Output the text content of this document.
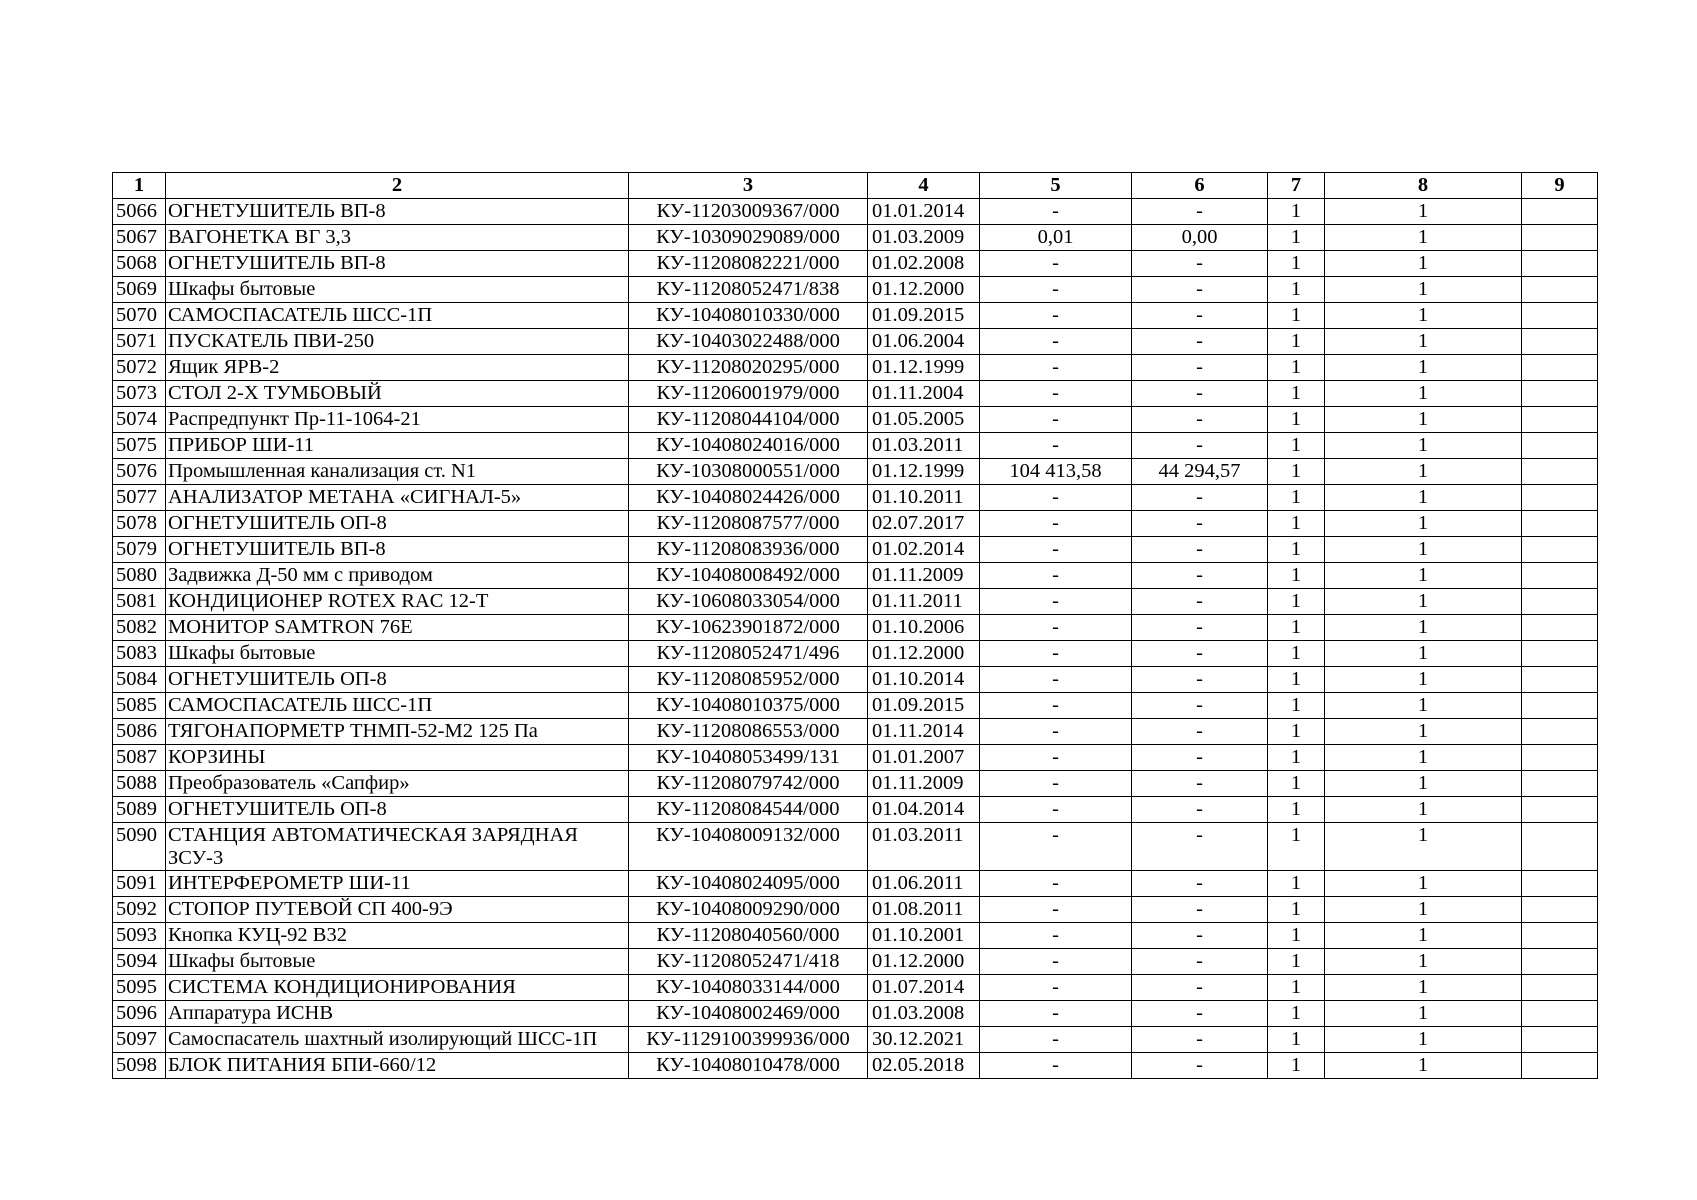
1	2	3	4	5	6	7	8	9
5066	ОГНЕТУШИТЕЛЬ ВП-8	КУ-11203009367/000	01.01.2014	-	-	1	1	
5067	ВАГОНЕТКА ВГ 3,3	КУ-10309029089/000	01.03.2009	0,01	0,00	1	1	
5068	ОГНЕТУШИТЕЛЬ ВП-8	КУ-11208082221/000	01.02.2008	-	-	1	1	
5069	Шкафы бытовые	КУ-11208052471/838	01.12.2000	-	-	1	1	
5070	САМОСПАСАТЕЛЬ ШСС-1П	КУ-10408010330/000	01.09.2015	-	-	1	1	
5071	ПУСКАТЕЛЬ ПВИ-250	КУ-10403022488/000	01.06.2004	-	-	1	1	
5072	Ящик ЯРВ-2	КУ-11208020295/000	01.12.1999	-	-	1	1	
5073	СТОЛ 2-Х ТУМБОВЫЙ	КУ-11206001979/000	01.11.2004	-	-	1	1	
5074	Распредпункт Пр-11-1064-21	КУ-11208044104/000	01.05.2005	-	-	1	1	
5075	ПРИБОР ШИ-11	КУ-10408024016/000	01.03.2011	-	-	1	1	
5076	Промышленная канализация ст. N1	КУ-10308000551/000	01.12.1999	104 413,58	44 294,57	1	1	
5077	АНАЛИЗАТОР МЕТАНА «СИГНАЛ-5»	КУ-10408024426/000	01.10.2011	-	-	1	1	
5078	ОГНЕТУШИТЕЛЬ ОП-8	КУ-11208087577/000	02.07.2017	-	-	1	1	
5079	ОГНЕТУШИТЕЛЬ ВП-8	КУ-11208083936/000	01.02.2014	-	-	1	1	
5080	Задвижка Д-50 мм с приводом	КУ-10408008492/000	01.11.2009	-	-	1	1	
5081	КОНДИЦИОНЕР ROTEX RAC 12-T	КУ-10608033054/000	01.11.2011	-	-	1	1	
5082	МОНИТОР SAMTRON 76E	КУ-10623901872/000	01.10.2006	-	-	1	1	
5083	Шкафы бытовые	КУ-11208052471/496	01.12.2000	-	-	1	1	
5084	ОГНЕТУШИТЕЛЬ ОП-8	КУ-11208085952/000	01.10.2014	-	-	1	1	
5085	САМОСПАСАТЕЛЬ ШСС-1П	КУ-10408010375/000	01.09.2015	-	-	1	1	
5086	ТЯГОНАПОРМЕТР ТНМП-52-М2 125 Па	КУ-11208086553/000	01.11.2014	-	-	1	1	
5087	КОРЗИНЫ	КУ-10408053499/131	01.01.2007	-	-	1	1	
5088	Преобразователь «Сапфир»	КУ-11208079742/000	01.11.2009	-	-	1	1	
5089	ОГНЕТУШИТЕЛЬ ОП-8	КУ-11208084544/000	01.04.2014	-	-	1	1	
5090	СТАНЦИЯ АВТОМАТИЧЕСКАЯ ЗАРЯДНАЯ ЗСУ-3	КУ-10408009132/000	01.03.2011	-	-	1	1	
5091	ИНТЕРФЕРОМЕТР ШИ-11	КУ-10408024095/000	01.06.2011	-	-	1	1	
5092	СТОПОР ПУТЕВОЙ СП 400-9Э	КУ-10408009290/000	01.08.2011	-	-	1	1	
5093	Кнопка КУЦ-92 В32	КУ-11208040560/000	01.10.2001	-	-	1	1	
5094	Шкафы бытовые	КУ-11208052471/418	01.12.2000	-	-	1	1	
5095	СИСТЕМА КОНДИЦИОНИРОВАНИЯ	КУ-10408033144/000	01.07.2014	-	-	1	1	
5096	Аппаратура ИСНВ	КУ-10408002469/000	01.03.2008	-	-	1	1	
5097	Самоспасатель шахтный изолирующий ШСС-1П	КУ-1129100399936/000	30.12.2021	-	-	1	1	
5098	БЛОК ПИТАНИЯ БПИ-660/12	КУ-10408010478/000	02.05.2018	-	-	1	1	
